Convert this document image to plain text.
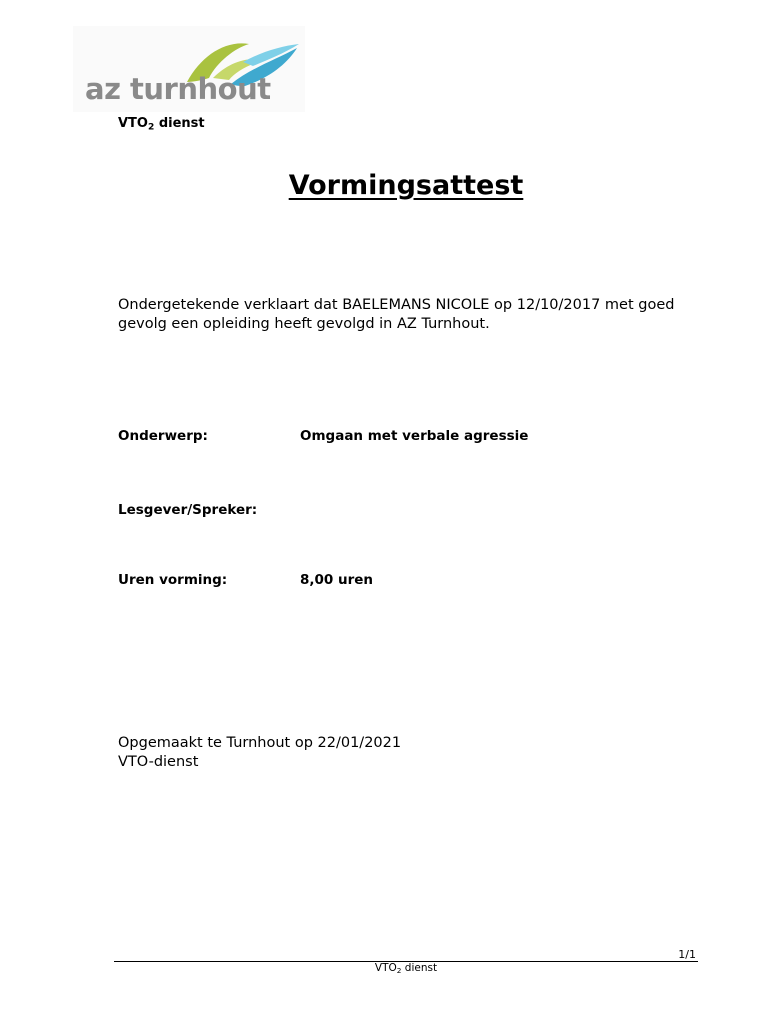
az turnhout
$VTO_2$ dienst
Vormingsattest

Ondergetekende verklaart dat BAELEMANS NICOLE op 12/10/2017 met goed gevolg een opleiding heeft gevolgd in AZ Turnhout.

Onderwerp:	Omgaan met verbale agressie
Lesgever/Spreker:
Uren vorming:	8,00 uren
Opgemaakt te Turnhout op 22/01/2021
VTO-dienst
1/1
$VTO_2$ dienst
